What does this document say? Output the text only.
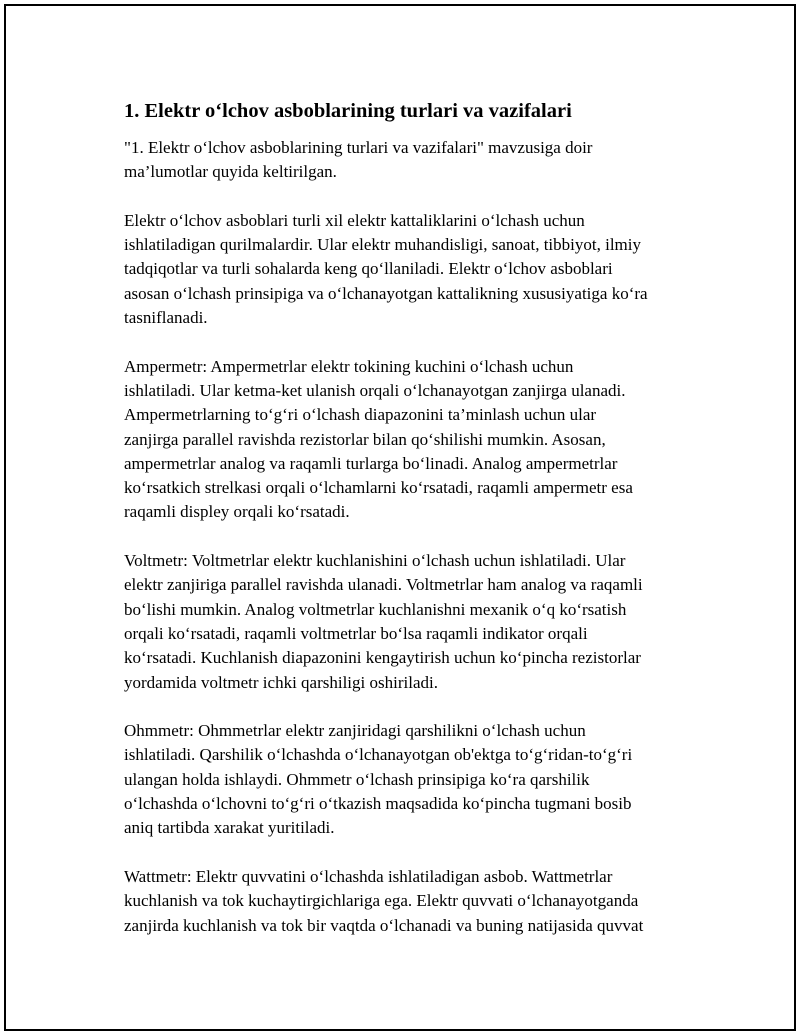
1. Elektr o‘lchov asboblarining turlari va vazifalari

"1. Elektr o‘lchov asboblarining turlari va vazifalari" mavzusiga doir
ma’lumotlar quyida keltirilgan.

Elektr o‘lchov asboblari turli xil elektr kattaliklarini o‘lchash uchun
ishlatiladigan qurilmalardir. Ular elektr muhandisligi, sanoat, tibbiyot, ilmiy
tadqiqotlar va turli sohalarda keng qo‘llaniladi. Elektr o‘lchov asboblari
asosan o‘lchash prinsipiga va o‘lchanayotgan kattalikning xususiyatiga ko‘ra
tasniflanadi.

Ampermetr: Ampermetrlar elektr tokining kuchini o‘lchash uchun
ishlatiladi. Ular ketma-ket ulanish orqali o‘lchanayotgan zanjirga ulanadi.
Ampermetrlarning to‘g‘ri o‘lchash diapazonini ta’minlash uchun ular
zanjirga parallel ravishda rezistorlar bilan qo‘shilishi mumkin. Asosan,
ampermetrlar analog va raqamli turlarga bo‘linadi. Analog ampermetrlar
ko‘rsatkich strelkasi orqali o‘lchamlarni ko‘rsatadi, raqamli ampermetr esa
raqamli displey orqali ko‘rsatadi.

Voltmetr: Voltmetrlar elektr kuchlanishini o‘lchash uchun ishlatiladi. Ular
elektr zanjiriga parallel ravishda ulanadi. Voltmetrlar ham analog va raqamli
bo‘lishi mumkin. Analog voltmetrlar kuchlanishni mexanik o‘q ko‘rsatish
orqali ko‘rsatadi, raqamli voltmetrlar bo‘lsa raqamli indikator orqali
ko‘rsatadi. Kuchlanish diapazonini kengaytirish uchun ko‘pincha rezistorlar
yordamida voltmetr ichki qarshiligi oshiriladi.

Ohmmetr: Ohmmetrlar elektr zanjiridagi qarshilikni o‘lchash uchun
ishlatiladi. Qarshilik o‘lchashda o‘lchanayotgan ob'ektga to‘g‘ridan-to‘g‘ri
ulangan holda ishlaydi. Ohmmetr o‘lchash prinsipiga ko‘ra qarshilik
o‘lchashda o‘lchovni to‘g‘ri o‘tkazish maqsadida ko‘pincha tugmani bosib
aniq tartibda xarakat yuritiladi.

Wattmetr: Elektr quvvatini o‘lchashda ishlatiladigan asbob. Wattmetrlar
kuchlanish va tok kuchaytirgichlariga ega. Elektr quvvati o‘lchanayotganda
zanjirda kuchlanish va tok bir vaqtda o‘lchanadi va buning natijasida quvvat
